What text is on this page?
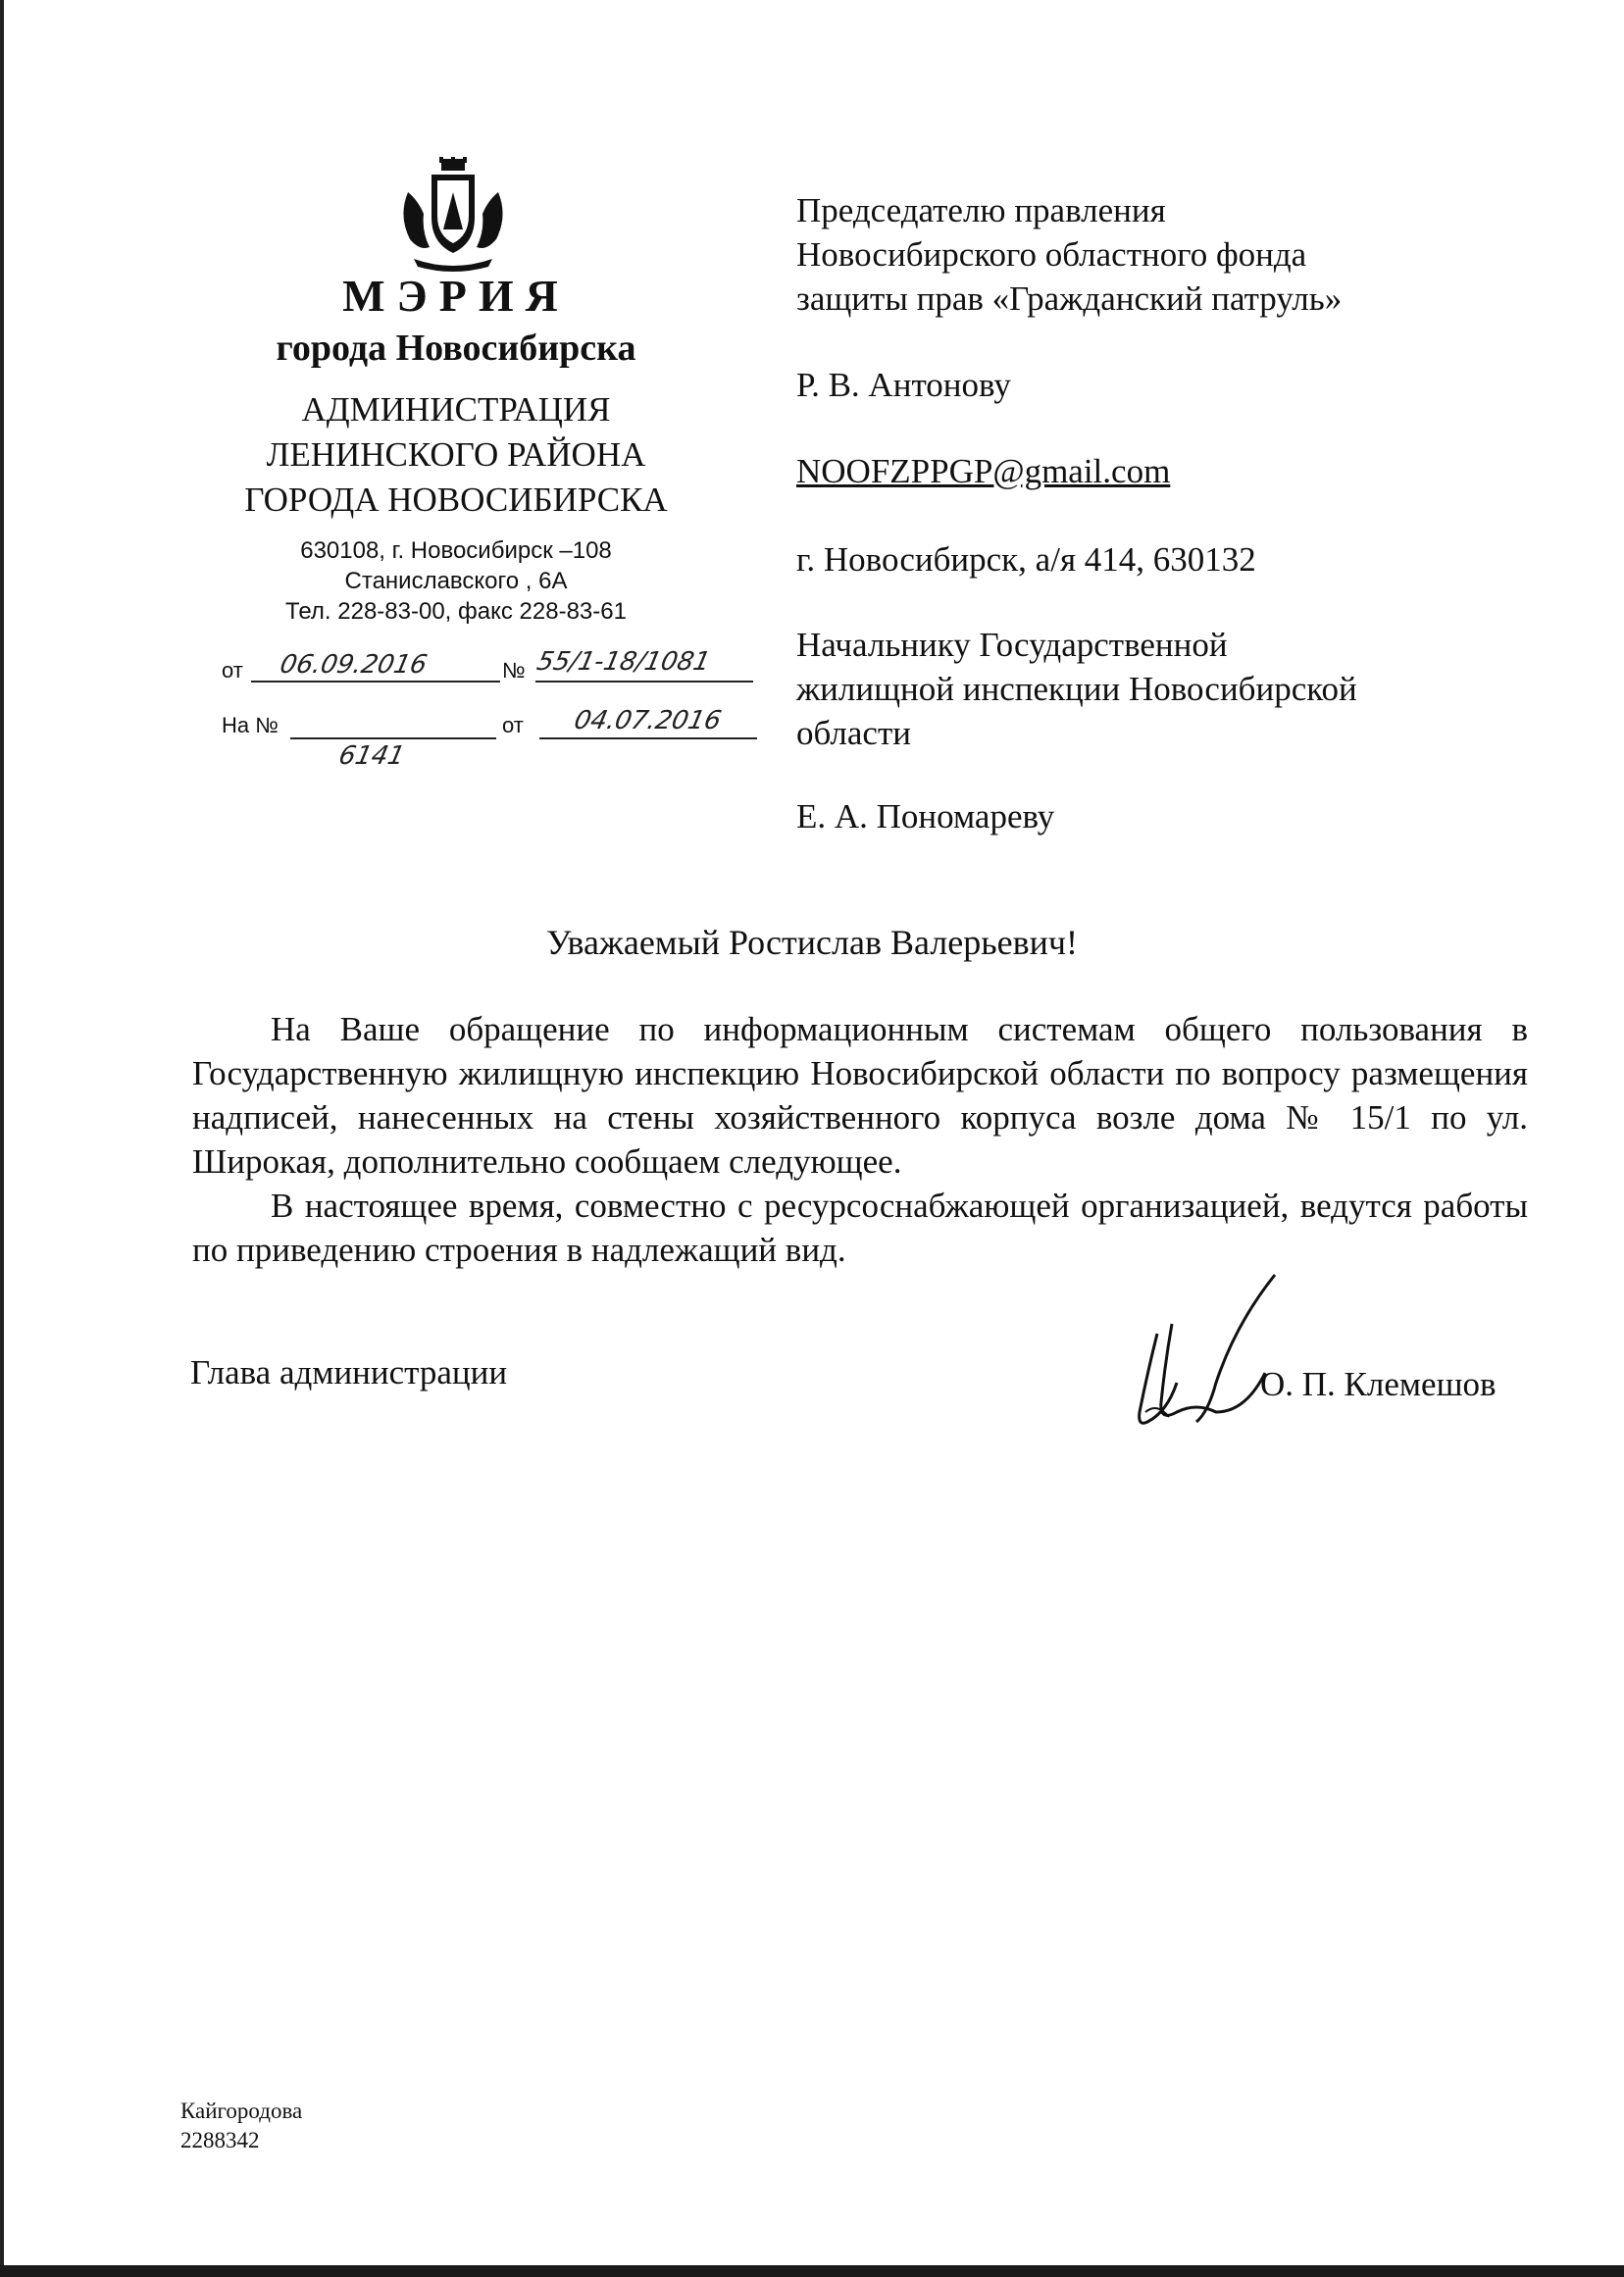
МЭРИЯ
города Новосибирска
АДМИНИСТРАЦИЯ
ЛЕНИНСКОГО РАЙОНА
ГОРОДА НОВОСИБИРСКА
630108, г. Новосибирск –108
Станиславского , 6А
Тел. 228-83-00, факс 228-83-61
от 06.09.2016	№ 55/1-18/1081
На №
6141
от 04.07.2016
Председателю правления
Новосибирского областного фонда
защиты прав «Гражданский патруль»
Р. В. Антонову
NOOFZPPGP@gmail.com
г. Новосибирск, а/я 414, 630132
Начальнику Государственной
жилищной инспекции Новосибирской
области
Е. А. Пономареву
Уважаемый Ростислав Валерьевич!

На Ваше обращение по информационным системам общего пользования в Государственную жилищную инспекцию Новосибирской области по вопросу размещения надписей, нанесенных на стены хозяйственного корпуса возле дома № 15/1 по ул. Широкая, дополнительно сообщаем следующее.

В настоящее время, совместно с ресурсоснабжающей организацией, ведутся работы по приведению строения в надлежащий вид.

Глава администрации	О. П. Клемешов
Кайгородова
2288342
